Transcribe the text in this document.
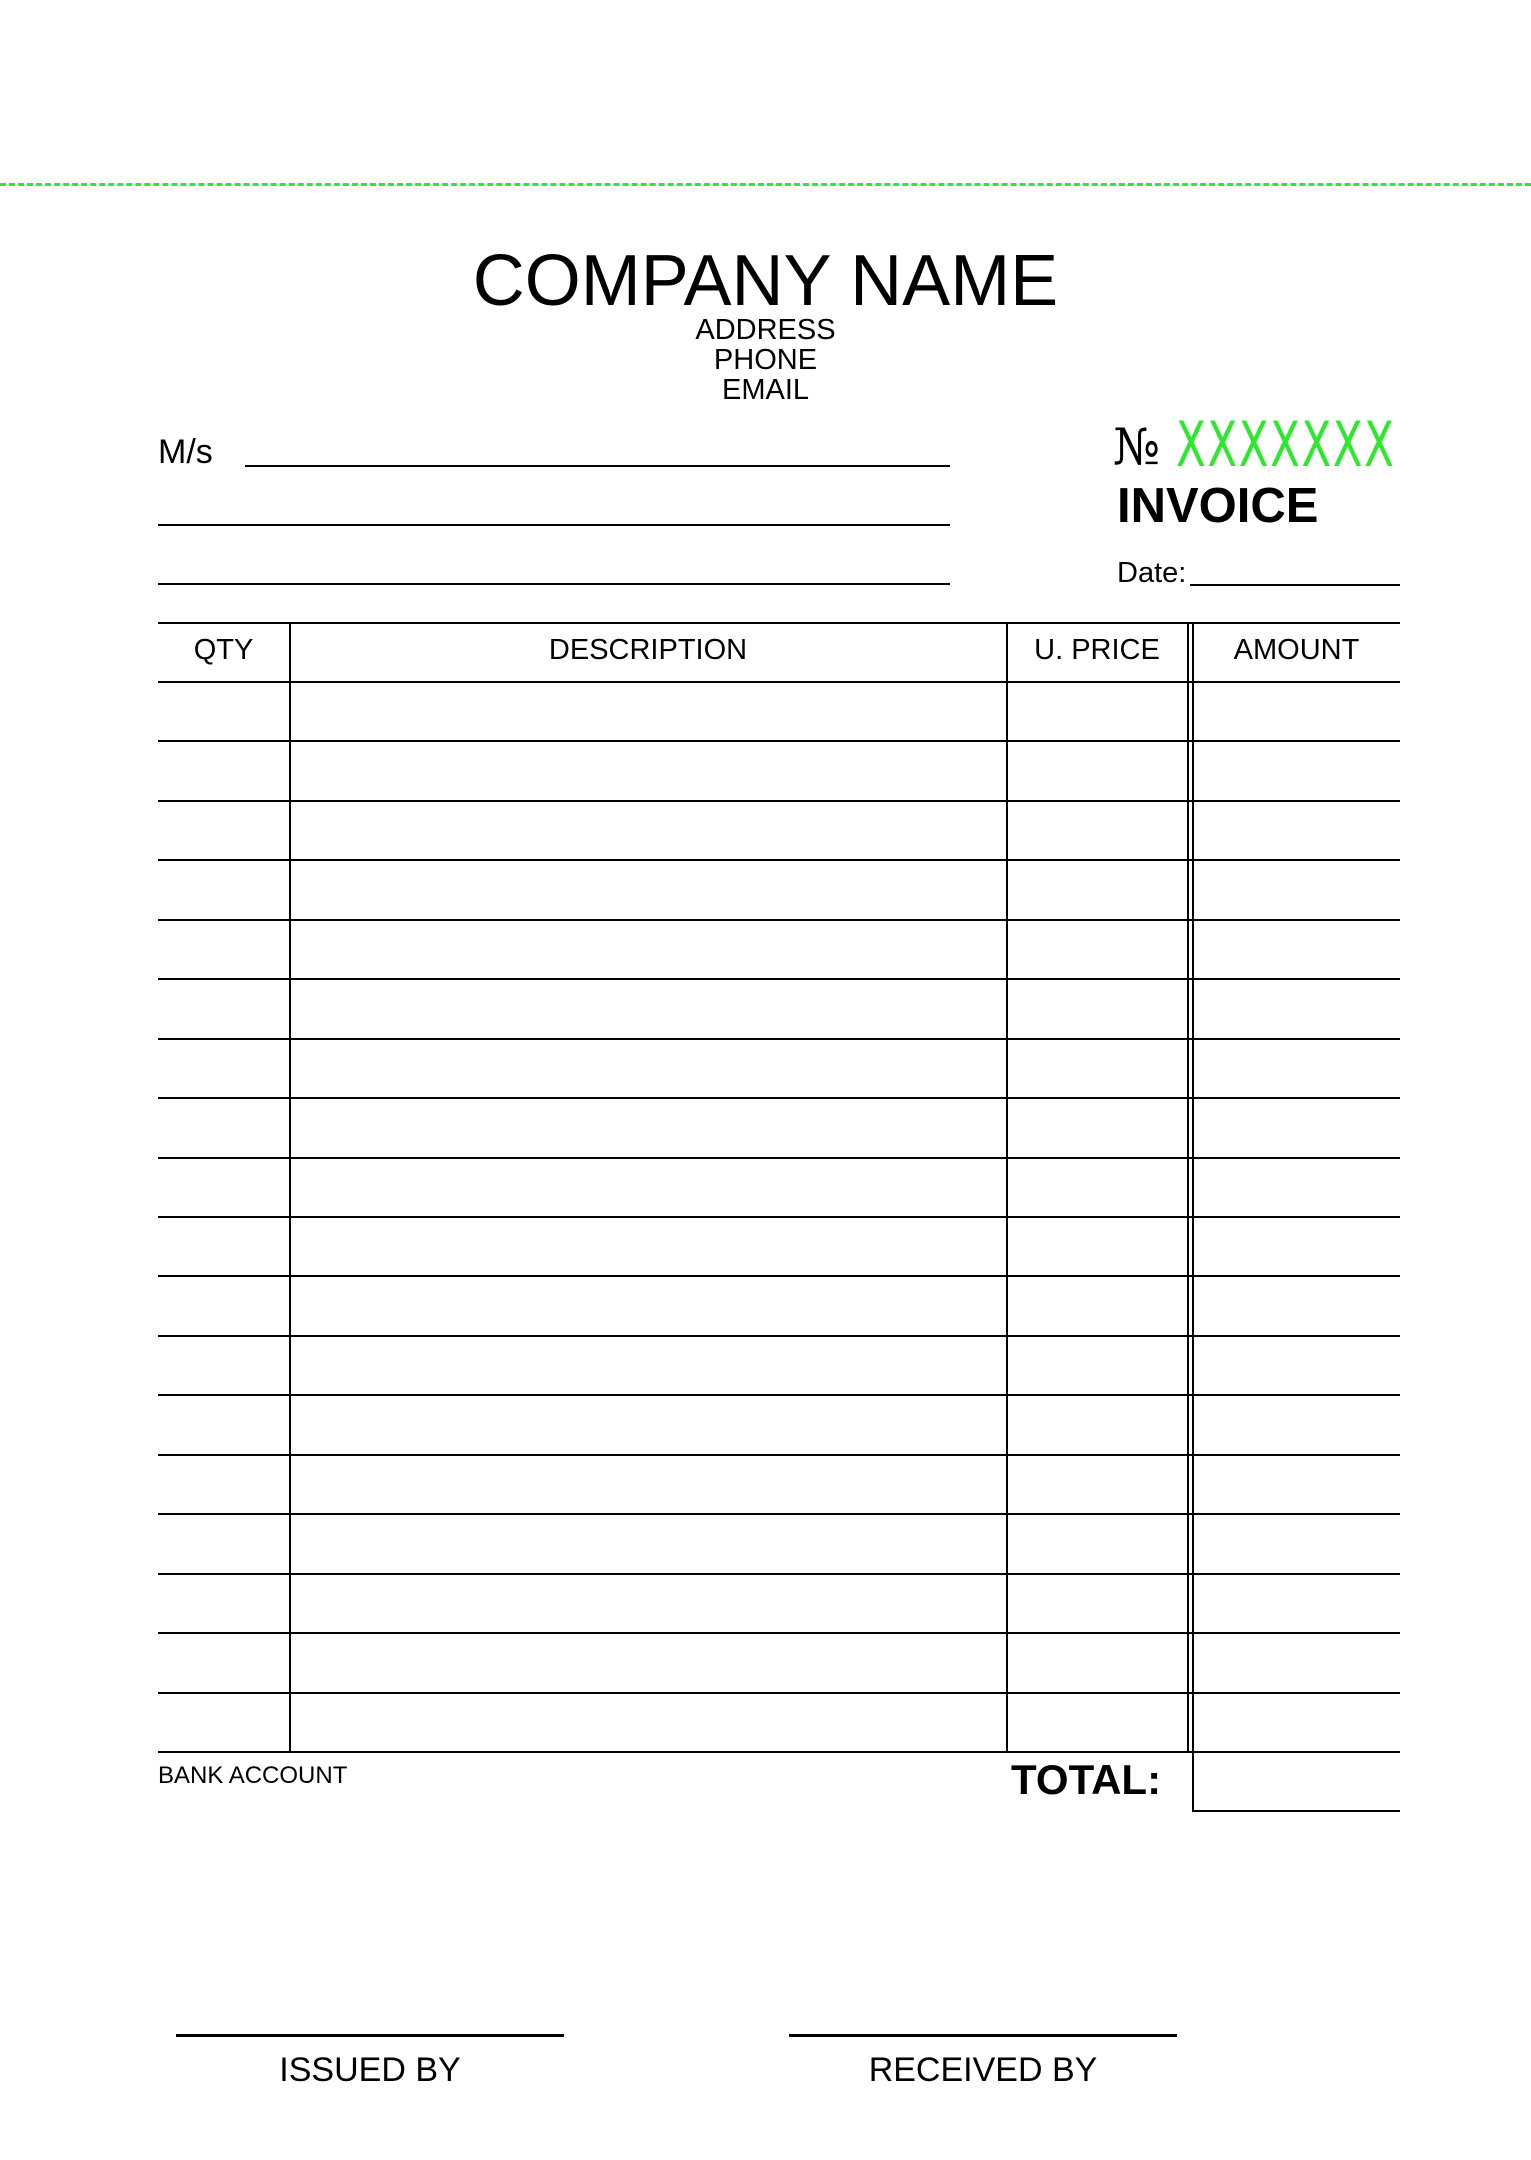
COMPANY NAME
ADDRESS
PHONE
EMAIL
M/s	№ XXXXXXX
INVOICE
Date:
QTY	DESCRIPTION	U. PRICE	AMOUNT
BANK ACCOUNT	TOTAL:
ISSUED BY	RECEIVED BY
